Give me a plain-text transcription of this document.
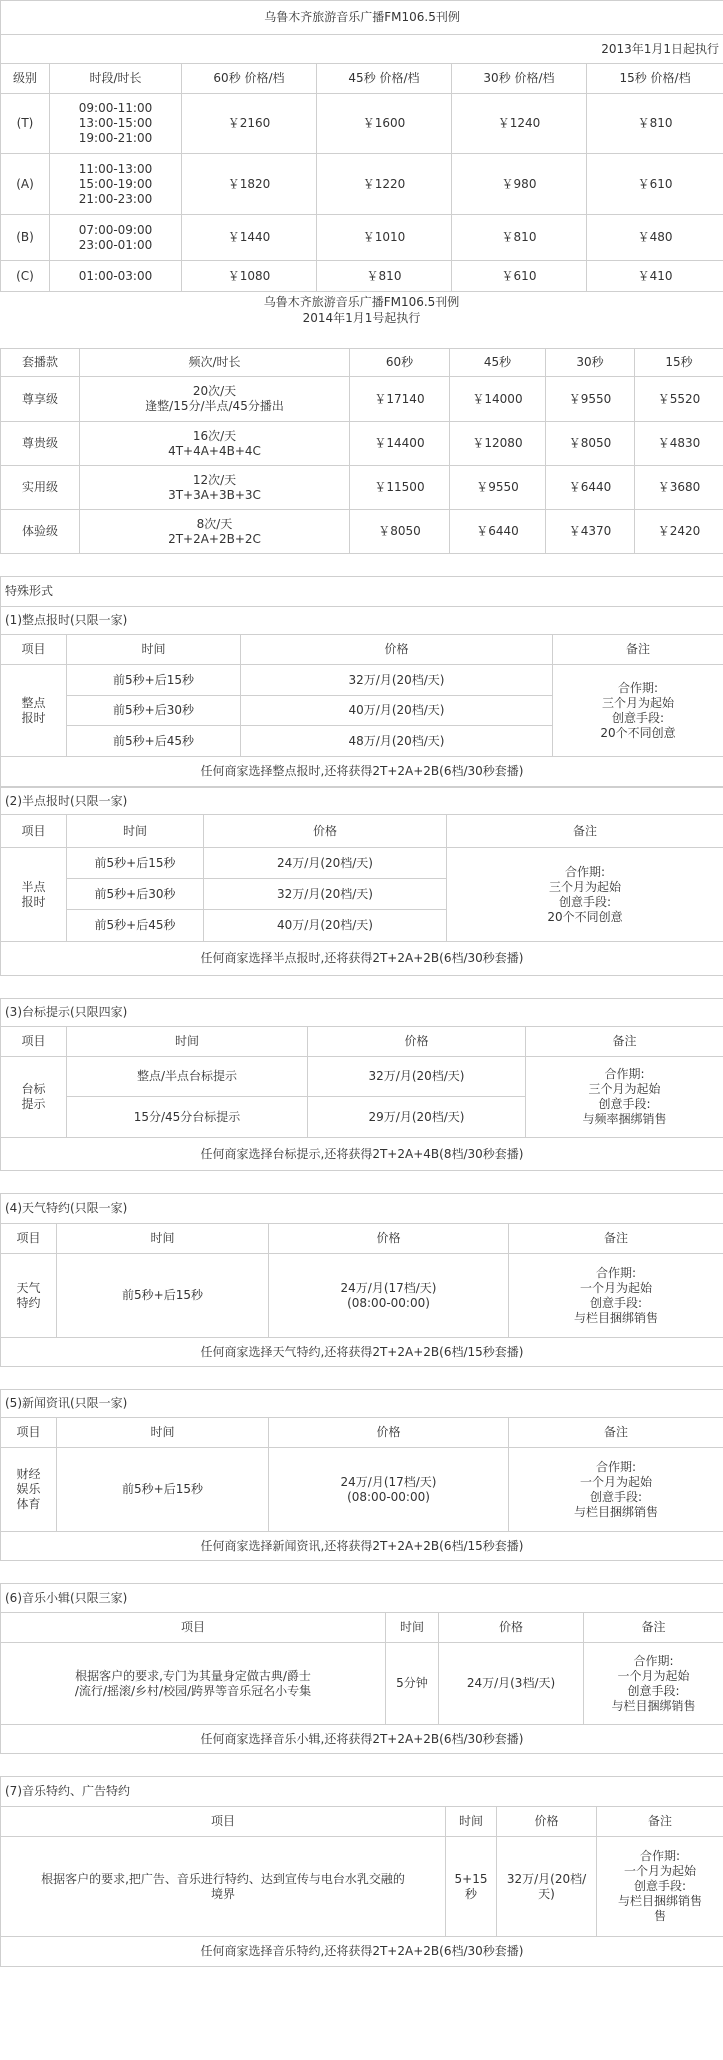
乌鲁木齐旅游音乐广播FM106.5刊例					
2013年1月1日起执行					
级别	时段/时长	60秒 价格/档	45秒 价格/档	30秒 价格/档	15秒 价格/档
(T)	09:00-11:00
13:00-15:00
19:00-21:00	￥2160	￥1600	￥1240	￥810
(A)	11:00-13:00
15:00-19:00
21:00-23:00	￥1820	￥1220	￥980	￥610
(B)	07:00-09:00
23:00-01:00	￥1440	￥1010	￥810	￥480
(C)	01:00-03:00	￥1080	￥810	￥610	￥410
乌鲁木齐旅游音乐广播FM106.5刊例
2014年1月1号起执行
套播款	频次/时长	60秒	45秒	30秒	15秒
尊享级	20次/天
逢整/15分/半点/45分播出	￥17140	￥14000	￥9550	￥5520
尊贵级	16次/天
4T+4A+4B+4C	￥14400	￥12080	￥8050	￥4830
实用级	12次/天
3T+3A+3B+3C	￥11500	￥9550	￥6440	￥3680
体验级	8次/天
2T+2A+2B+2C	￥8050	￥6440	￥4370	￥2420
特殊形式			
(1)整点报时(只限一家)			
项目	时间	价格	备注
整点
报时	前5秒+后15秒	32万/月(20档/天)	合作期:
三个月为起始
创意手段:
20个不同创意
	前5秒+后30秒	40万/月(20档/天)	
	前5秒+后45秒	48万/月(20档/天)	
任何商家选择整点报时,还将获得2T+2A+2B(6档/30秒套播)			
(2)半点报时(只限一家)			
项目	时间	价格	备注
半点
报时	前5秒+后15秒	24万/月(20档/天)	合作期:
三个月为起始
创意手段:
20个不同创意
	前5秒+后30秒	32万/月(20档/天)	
	前5秒+后45秒	40万/月(20档/天)	
任何商家选择半点报时,还将获得2T+2A+2B(6档/30秒套播)			
(3)台标提示(只限四家)			
项目	时间	价格	备注
台标
提示	整点/半点台标提示	32万/月(20档/天)	合作期:
三个月为起始
创意手段:
与频率捆绑销售
	15分/45分台标提示	29万/月(20档/天)	
任何商家选择台标提示,还将获得2T+2A+4B(8档/30秒套播)			
(4)天气特约(只限一家)			
项目	时间	价格	备注
天气
特约	前5秒+后15秒	24万/月(17档/天)
(08:00-00:00)	合作期:
一个月为起始
创意手段:
与栏目捆绑销售
任何商家选择天气特约,还将获得2T+2A+2B(6档/15秒套播)			
(5)新闻资讯(只限一家)			
项目	时间	价格	备注
财经
娱乐
体育	前5秒+后15秒	24万/月(17档/天)
(08:00-00:00)	合作期:
一个月为起始
创意手段:
与栏目捆绑销售
任何商家选择新闻资讯,还将获得2T+2A+2B(6档/15秒套播)			
(6)音乐小辑(只限三家)			
项目	时间	价格	备注
根据客户的要求,专门为其量身定做古典/爵士
/流行/摇滚/乡村/校园/跨界等音乐冠名小专集	5分钟	24万/月(3档/天)	合作期:
一个月为起始
创意手段:
与栏目捆绑销售
任何商家选择音乐小辑,还将获得2T+2A+2B(6档/30秒套播)			
(7)音乐特约、广告特约			
项目	时间	价格	备注
根据客户的要求,把广告、音乐进行特约、达到宣传与电台水乳交融的
境界	5+15
秒	32万/月(20档/
天)	合作期:
一个月为起始
创意手段:
与栏目捆绑销售
售
任何商家选择音乐特约,还将获得2T+2A+2B(6档/30秒套播)			
